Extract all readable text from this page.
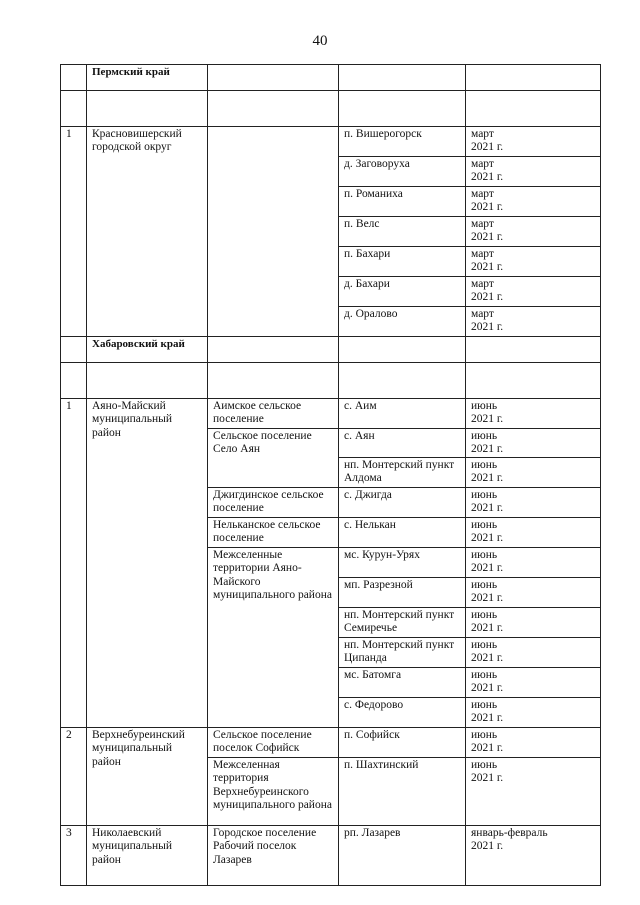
40
	Пермский край			

1	Красновишерский городской округ		п. Вишерогорск	март
2021 г.

			д. Заговоруха	март
2021 г.

			п. Романиха	март
2021 г.

			п. Велс	март
2021 г.

			п. Бахари	март
2021 г.

			д. Бахари	март
2021 г.

			д. Оралово	март
2021 г.

	Хабаровский край			

1	Аяно-Майский муниципальный район	Аимское сельское поселение	с. Аим	июнь
2021 г.

		Сельское поселение Село Аян	с. Аян	июнь
2021 г.

			нп. Монтерский пункт Алдома	июнь
2021 г.

		Джигдинское сельское поселение	с. Джигда	июнь
2021 г.

		Нельканское сельское поселение	с. Нелькан	июнь
2021 г.

		Межселенные территории Аяно-Майского муниципального района	мс. Курун-Урях	июнь
2021 г.

			мп. Разрезной	июнь
2021 г.

			нп. Монтерский пункт Семиречье	июнь
2021 г.

			нп. Монтерский пункт Ципанда	июнь
2021 г.

			мс. Батомга	июнь
2021 г.

			с. Федорово	июнь
2021 г.

2	Верхнебуреинский муниципальный район	Сельское поселение поселок Софийск	п. Софийск	июнь
2021 г.

		Межселенная территория Верхнебуреинского муниципального района	п. Шахтинский	июнь
2021 г.

3	Николаевский муниципальный район	Городское поселение Рабочий поселок Лазарев	рп. Лазарев	январь-февраль
2021 г.
